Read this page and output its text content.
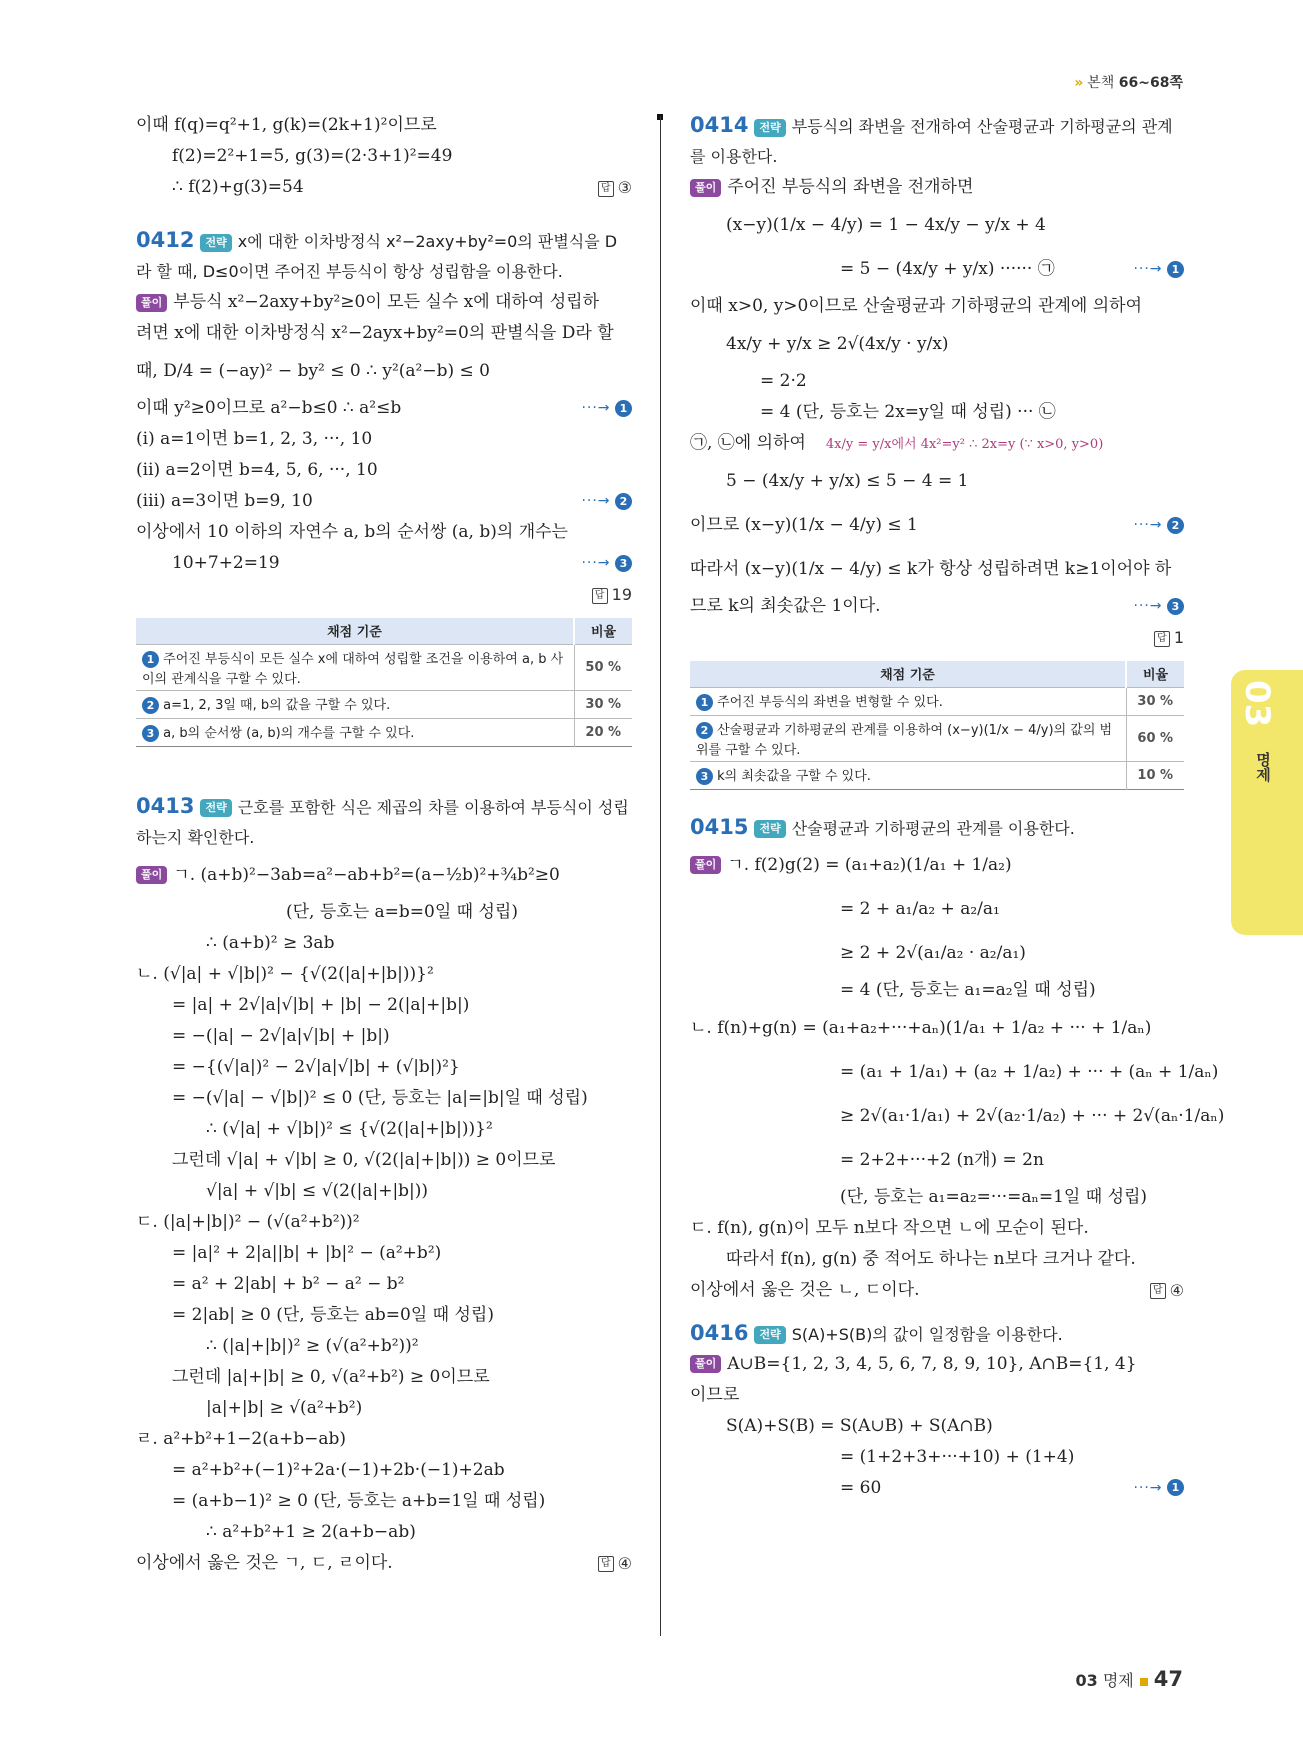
» 본책 66~68쪽
이때 f(q)=q²+1, g(k)=(2k+1)²이므로
f(2)=2²+1=5, g(3)=(2·3+1)²=49
∴ f(2)+g(3)=54	답 ③
0412 전략 x에 대한 이차방정식 x²−2axy+by²=0의 판별식을 D
라 할 때, D≤0이면 주어진 부등식이 항상 성립함을 이용한다.
풀이 부등식 x²−2axy+by²≥0이 모든 실수 x에 대하여 성립하
려면 x에 대한 이차방정식 x²−2ayx+by²=0의 판별식을 D라 할
때, D/4 = (−ay)² − by² ≤ 0 ∴ y²(a²−b) ≤ 0
이때 y²≥0이므로 a²−b≤0 ∴ a²≤b	···→ 1
(i) a=1이면 b=1, 2, 3, ···, 10
(ii) a=2이면 b=4, 5, 6, ···, 10
(iii) a=3이면 b=9, 10	···→ 2
이상에서 10 이하의 자연수 a, b의 순서쌍 (a, b)의 개수는
10+7+2=19	···→ 3
답 19
채점 기준	비율
1 주어진 부등식이 모든 실수 x에 대하여 성립할 조건을 이용하여 a, b 사이의 관계식을 구할 수 있다.	50 %
2 a=1, 2, 3일 때, b의 값을 구할 수 있다.	30 %
3 a, b의 순서쌍 (a, b)의 개수를 구할 수 있다.	20 %
0413 전략 근호를 포함한 식은 제곱의 차를 이용하여 부등식이 성립
하는지 확인한다.
풀이 ㄱ. (a+b)²−3ab=a²−ab+b²=(a−½b)²+¾b²≥0
(단, 등호는 a=b=0일 때 성립)
∴ (a+b)² ≥ 3ab
ㄴ. (√|a| + √|b|)² − {√(2(|a|+|b|))}²
= |a| + 2√|a|√|b| + |b| − 2(|a|+|b|)
= −(|a| − 2√|a|√|b| + |b|)
= −{(√|a|)² − 2√|a|√|b| + (√|b|)²}
= −(√|a| − √|b|)² ≤ 0 (단, 등호는 |a|=|b|일 때 성립)
∴ (√|a| + √|b|)² ≤ {√(2(|a|+|b|))}²
그런데 √|a| + √|b| ≥ 0, √(2(|a|+|b|)) ≥ 0이므로
√|a| + √|b| ≤ √(2(|a|+|b|))
ㄷ. (|a|+|b|)² − (√(a²+b²))²
= |a|² + 2|a||b| + |b|² − (a²+b²)
= a² + 2|ab| + b² − a² − b²
= 2|ab| ≥ 0 (단, 등호는 ab=0일 때 성립)
∴ (|a|+|b|)² ≥ (√(a²+b²))²
그런데 |a|+|b| ≥ 0, √(a²+b²) ≥ 0이므로
|a|+|b| ≥ √(a²+b²)
ㄹ. a²+b²+1−2(a+b−ab)
= a²+b²+(−1)²+2a·(−1)+2b·(−1)+2ab
= (a+b−1)² ≥ 0 (단, 등호는 a+b=1일 때 성립)
∴ a²+b²+1 ≥ 2(a+b−ab)
이상에서 옳은 것은 ㄱ, ㄷ, ㄹ이다.	답 ④
0414 전략 부등식의 좌변을 전개하여 산술평균과 기하평균의 관계
를 이용한다.
풀이 주어진 부등식의 좌변을 전개하면
(x−y)(1/x − 4/y) = 1 − 4x/y − y/x + 4
= 5 − (4x/y + y/x) ······ ㉠	···→ 1
이때 x>0, y>0이므로 산술평균과 기하평균의 관계에 의하여
4x/y + y/x ≥ 2√(4x/y · y/x)
= 2·2
= 4 (단, 등호는 2x=y일 때 성립) ··· ㉡
㉠, ㉡에 의하여 4x/y = y/x에서 4x²=y² ∴ 2x=y (∵ x>0, y>0)
5 − (4x/y + y/x) ≤ 5 − 4 = 1
이므로 (x−y)(1/x − 4/y) ≤ 1	···→ 2
따라서 (x−y)(1/x − 4/y) ≤ k가 항상 성립하려면 k≥1이어야 하
므로 k의 최솟값은 1이다.	···→ 3
답 1
채점 기준	비율
1 주어진 부등식의 좌변을 변형할 수 있다.	30 %
2 산술평균과 기하평균의 관계를 이용하여 (x−y)(1/x − 4/y)의 값의 범위를 구할 수 있다.	60 %
3 k의 최솟값을 구할 수 있다.	10 %
0415 전략 산술평균과 기하평균의 관계를 이용한다.
풀이 ㄱ. f(2)g(2) = (a₁+a₂)(1/a₁ + 1/a₂)
= 2 + a₁/a₂ + a₂/a₁
≥ 2 + 2√(a₁/a₂ · a₂/a₁)
= 4 (단, 등호는 a₁=a₂일 때 성립)
ㄴ. f(n)+g(n) = (a₁+a₂+···+aₙ)(1/a₁ + 1/a₂ + ··· + 1/aₙ)
= (a₁ + 1/a₁) + (a₂ + 1/a₂) + ··· + (aₙ + 1/aₙ)
≥ 2√(a₁·1/a₁) + 2√(a₂·1/a₂) + ··· + 2√(aₙ·1/aₙ)
= 2+2+···+2 (n개) = 2n
(단, 등호는 a₁=a₂=···=aₙ=1일 때 성립)
ㄷ. f(n), g(n)이 모두 n보다 작으면 ㄴ에 모순이 된다.
따라서 f(n), g(n) 중 적어도 하나는 n보다 크거나 같다.
이상에서 옳은 것은 ㄴ, ㄷ이다.	답 ④
0416 전략 S(A)+S(B)의 값이 일정함을 이용한다.
풀이 A∪B={1, 2, 3, 4, 5, 6, 7, 8, 9, 10}, A∩B={1, 4}
이므로
S(A)+S(B) = S(A∪B) + S(A∩B)
= (1+2+3+···+10) + (1+4)
= 60	···→ 1
03
명제
03 명제 47
